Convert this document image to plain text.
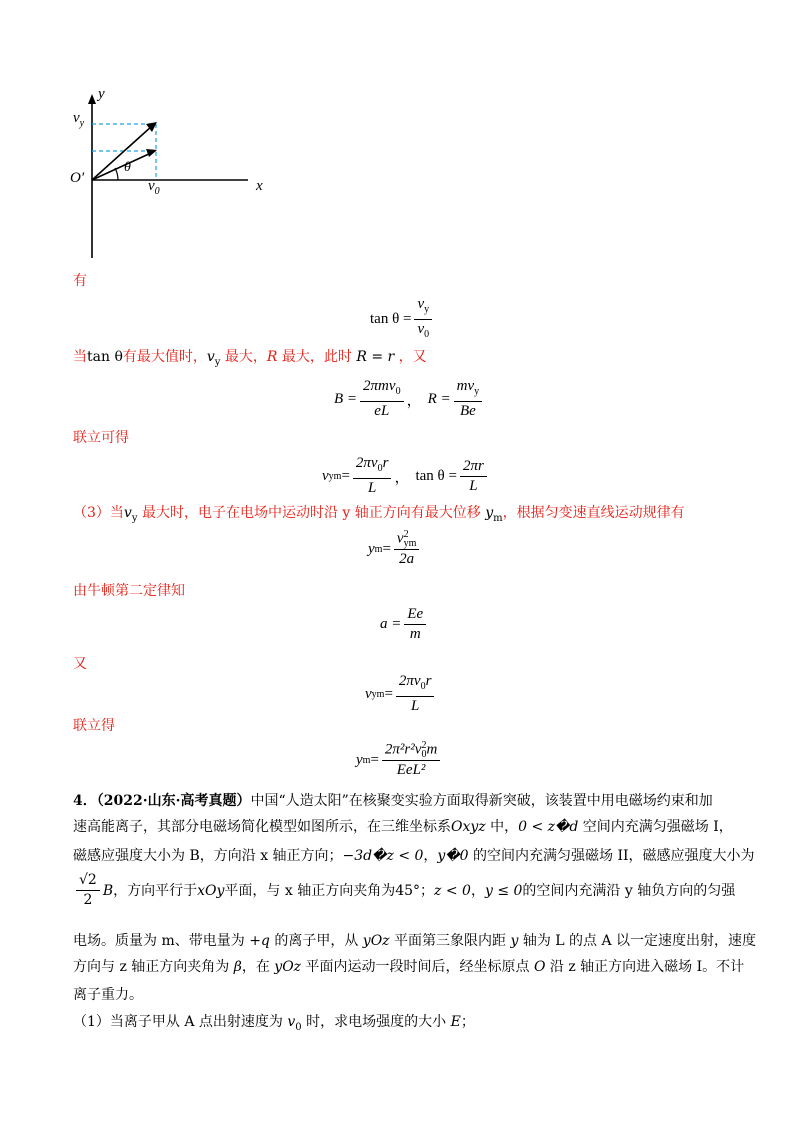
y
$v_y$
O′
θ
$v_0$	x
有
$\tan \theta = \frac{v_y}{v_0}$
当tan θ有最大值时，$v_y$ 最大，R 最大，此时 R = r ，又
$B = \frac{2\pi mv_0}{eL}$ ， $R = \frac{mv_y}{Be}$
联立可得
v ym = $\frac{2\pi v_0r}{L}$ ， $\tan \theta = \frac{2\pi r}{L}$
（3）当$v_y$ 最大时，电子在电场中运动时沿 y 轴正方向有最大位移 $y_m$，根据匀变速直线运动规律有
y m = v 2
ym
2a
由牛顿第二定律知
$a = \frac{Ee}{m}$
又
v ym = $\frac{2\pi v_0r}{L}$
联立得
y m = 2π²r²v 2
0 m
EeL²
4．（2022·山东·高考真题）中国“人造太阳”在核聚变实验方面取得新突破，该装置中用电磁场约束和加
速高能离子，其部分电磁场简化模型如图所示，在三维坐标系Oxyz 中，0 < z�d 空间内充满匀强磁场 I，
磁感应强度大小为 B，方向沿 x 轴正方向；−3d�z < 0，y�0 的空间内充满匀强磁场 II，磁感应强度大小为
$\frac{√2}{2}$ B ，方向平行于 xOy 平面，与 x 轴正方向夹角为 45° ； z < 0 ， y ≤ 0 的空间内充满沿 y 轴负方向的匀强
电场。质量为 m、带电量为 +q 的离子甲，从 yOz 平面第三象限内距 y 轴为 L 的点 A 以一定速度出射，速度
方向与 z 轴正方向夹角为 β，在 yOz 平面内运动一段时间后，经坐标原点 O 沿 z 轴正方向进入磁场 I。不计
离子重力。
（1）当离子甲从 A 点出射速度为 $v_0$ 时，求电场强度的大小 E；
